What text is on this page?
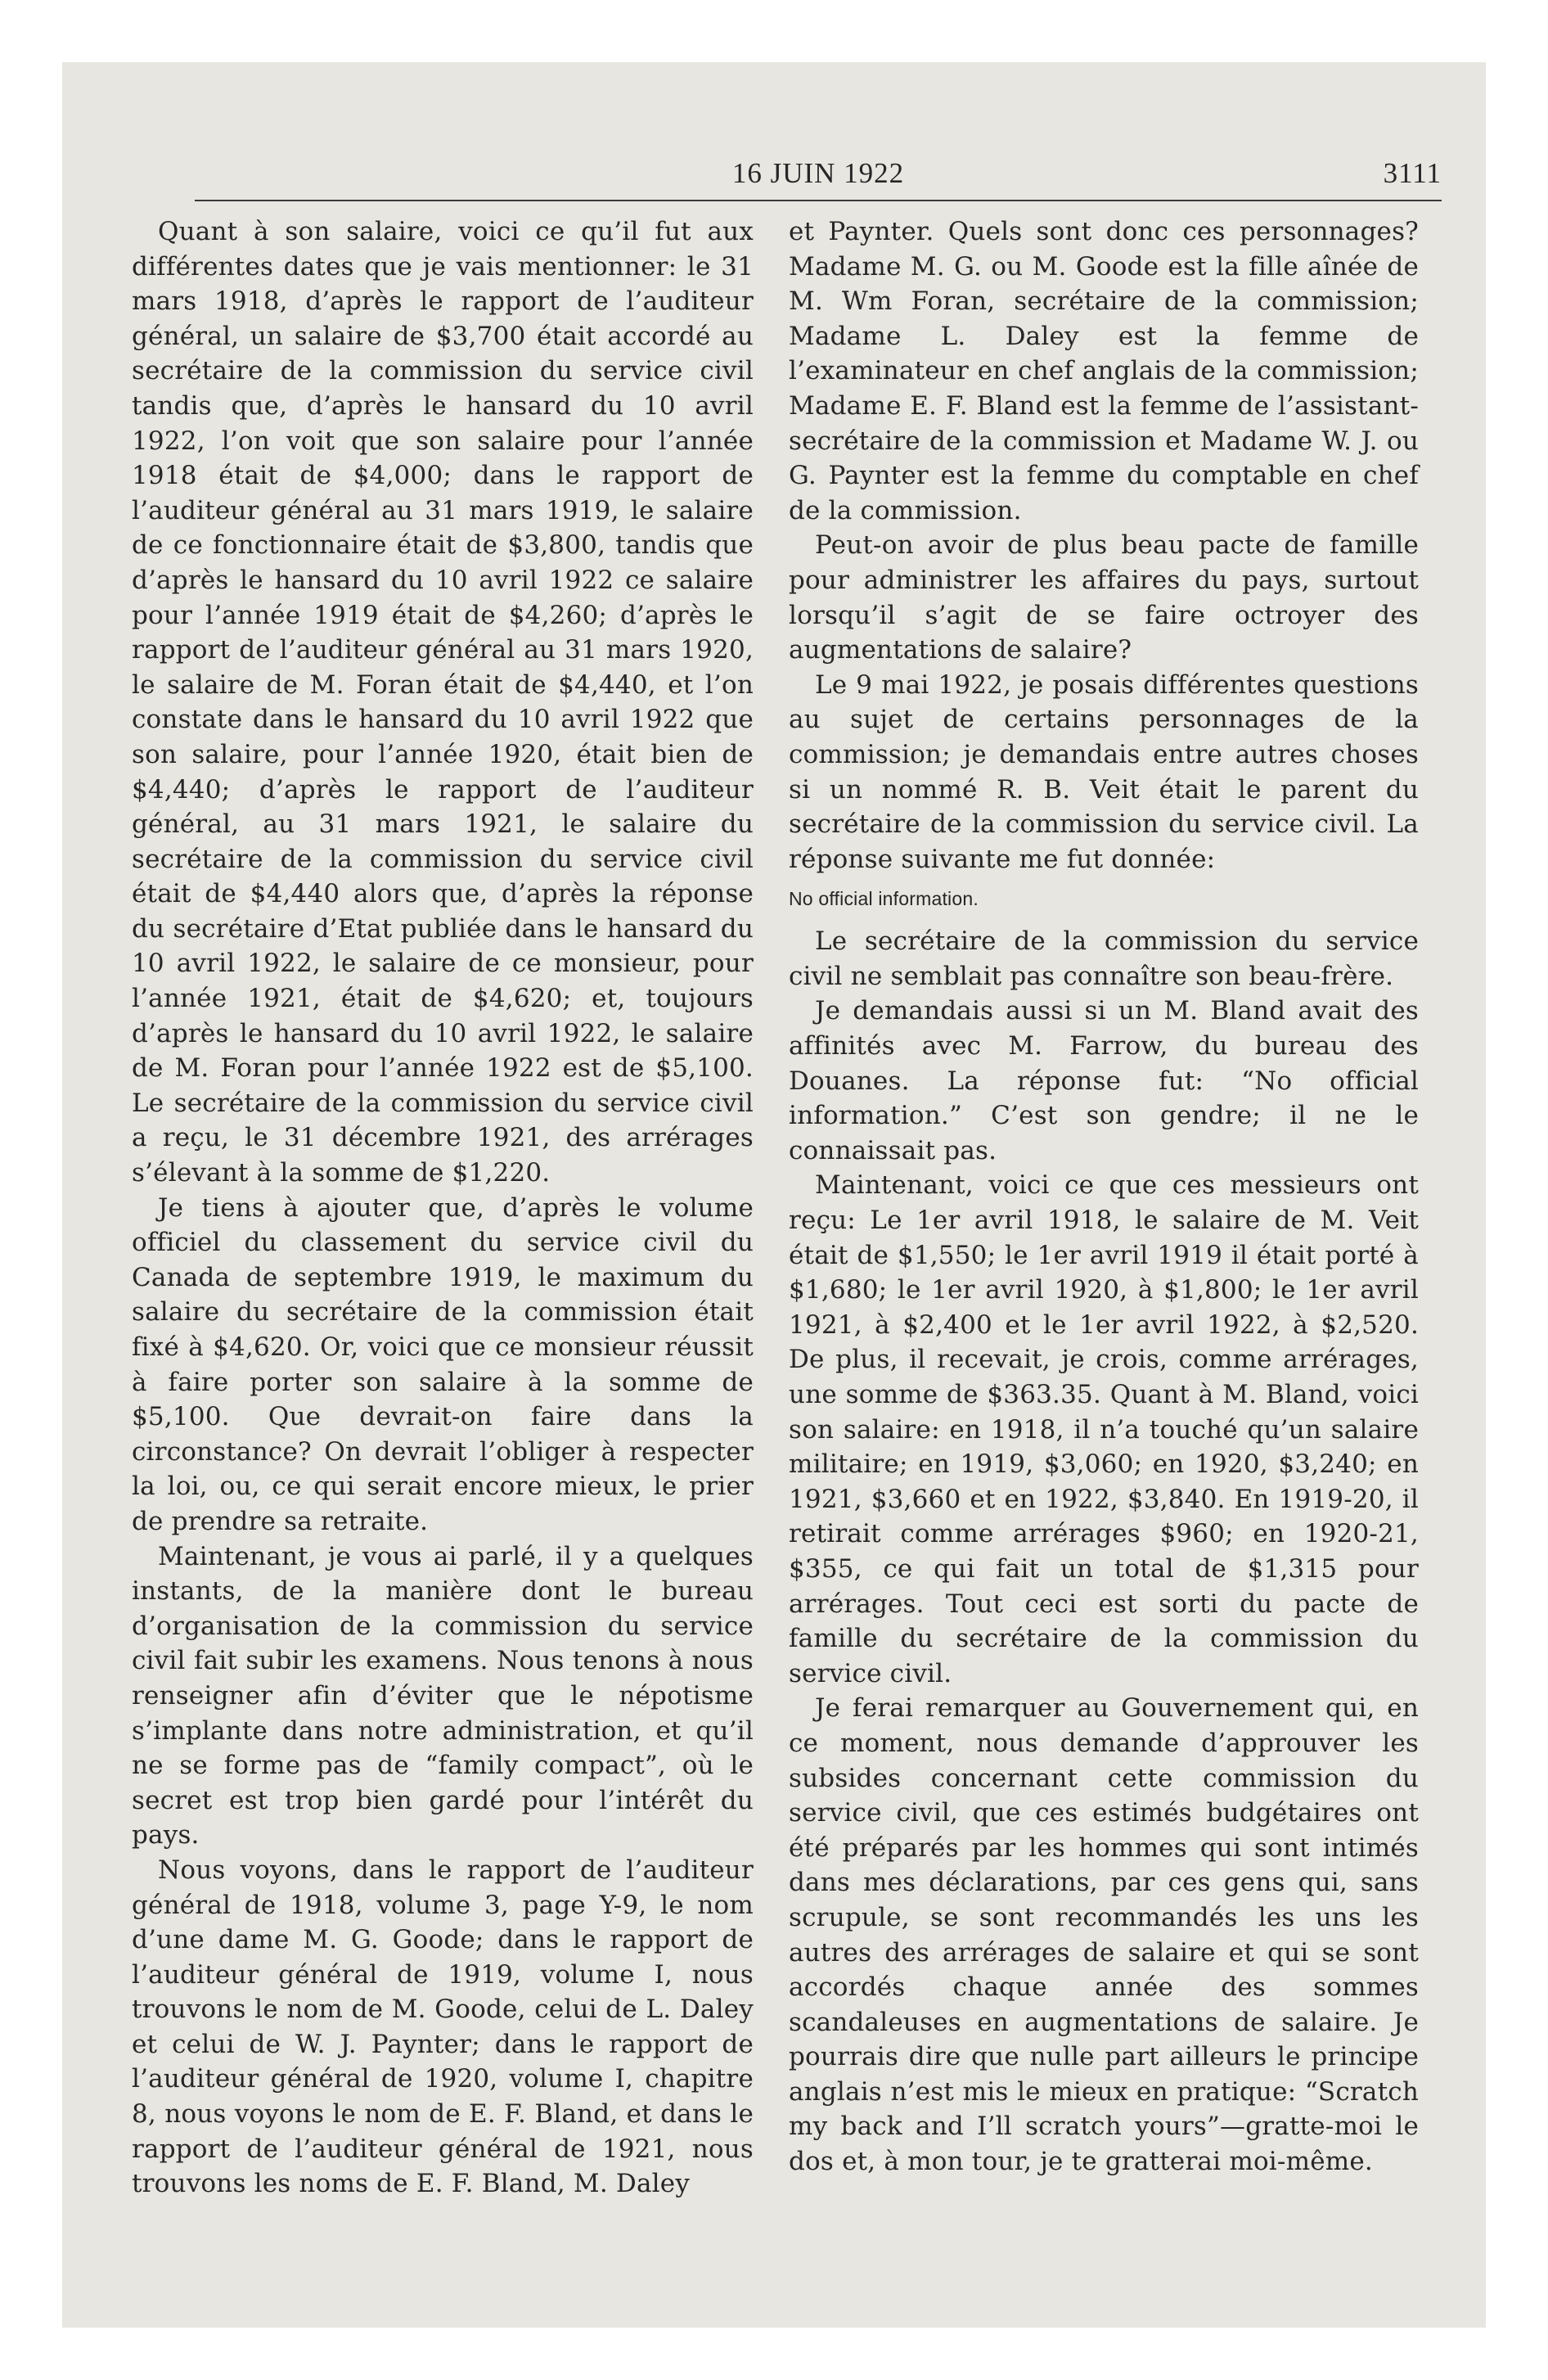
16 JUIN 1922	3111

Quant à son salaire, voici ce qu’il fut aux différentes dates que je vais mentionner: le 31 mars 1918, d’après le rapport de l’auditeur général, un salaire de $3,700 était accordé au secrétaire de la commission du service civil tandis que, d’après le hansard du 10 avril 1922, l’on voit que son salaire pour l’année 1918 était de $4,000; dans le rapport de l’auditeur général au 31 mars 1919, le salaire de ce fonctionnaire était de $3,800, tandis que d’après le hansard du 10 avril 1922 ce salaire pour l’année 1919 était de $4,260; d’après le rapport de l’auditeur général au 31 mars 1920, le salaire de M. Foran était de $4,440, et l’on constate dans le hansard du 10 avril 1922 que son salaire, pour l’année 1920, était bien de $4,440; d’après le rapport de l’auditeur général, au 31 mars 1921, le salaire du secrétaire de la commission du service civil était de $4,440 alors que, d’après la réponse du secrétaire d’Etat publiée dans le hansard du 10 avril 1922, le salaire de ce monsieur, pour l’année 1921, était de $4,620; et, toujours d’après le hansard du 10 avril 1922, le salaire de M. Foran pour l’année 1922 est de $5,100. Le secrétaire de la commission du service civil a reçu, le 31 décembre 1921, des arrérages s’élevant à la somme de $1,220.

Je tiens à ajouter que, d’après le volume officiel du classement du service civil du Canada de septembre 1919, le maximum du salaire du secrétaire de la commission était fixé à $4,620. Or, voici que ce monsieur réussit à faire porter son salaire à la somme de $5,100. Que devrait-on faire dans la circonstance? On devrait l’obliger à respecter la loi, ou, ce qui serait encore mieux, le prier de prendre sa retraite.

Maintenant, je vous ai parlé, il y a quelques instants, de la manière dont le bureau d’organisation de la commission du service civil fait subir les examens. Nous tenons à nous renseigner afin d’éviter que le népotisme s’implante dans notre administration, et qu’il ne se forme pas de “family compact”, où le secret est trop bien gardé pour l’intérêt du pays.

Nous voyons, dans le rapport de l’auditeur général de 1918, volume 3, page Y-9, le nom d’une dame M. G. Goode; dans le rapport de l’auditeur général de 1919, volume I, nous trouvons le nom de M. Goode, celui de L. Daley et celui de W. J. Paynter; dans le rapport de l’auditeur général de 1920, volume I, chapitre 8, nous voyons le nom de E. F. Bland, et dans le rapport de l’auditeur général de 1921, nous trouvons les noms de E. F. Bland, M. Daley

et Paynter. Quels sont donc ces personnages? Madame M. G. ou M. Goode est la fille aînée de M. Wm Foran, secrétaire de la commission; Madame L. Daley est la femme de l’examinateur en chef anglais de la commission; Madame E. F. Bland est la femme de l’assistant-secrétaire de la commission et Madame W. J. ou G. Paynter est la femme du comptable en chef de la commission.

Peut-on avoir de plus beau pacte de famille pour administrer les affaires du pays, surtout lorsqu’il s’agit de se faire octroyer des augmentations de salaire?

Le 9 mai 1922, je posais différentes questions au sujet de certains personnages de la commission; je demandais entre autres choses si un nommé R. B. Veit était le parent du secrétaire de la commission du service civil. La réponse suivante me fut donnée:

No official information.

Le secrétaire de la commission du service civil ne semblait pas connaître son beau-frère.

Je demandais aussi si un M. Bland avait des affinités avec M. Farrow, du bureau des Douanes. La réponse fut: “No official information.” C’est son gendre; il ne le connaissait pas.

Maintenant, voici ce que ces messieurs ont reçu: Le 1er avril 1918, le salaire de M. Veit était de $1,550; le 1er avril 1919 il était porté à $1,680; le 1er avril 1920, à $1,800; le 1er avril 1921, à $2,400 et le 1er avril 1922, à $2,520. De plus, il recevait, je crois, comme arrérages, une somme de $363.35. Quant à M. Bland, voici son salaire: en 1918, il n’a touché qu’un salaire militaire; en 1919, $3,060; en 1920, $3,240; en 1921, $3,660 et en 1922, $3,840. En 1919-20, il retirait comme arrérages $960; en 1920-21, $355, ce qui fait un total de $1,315 pour arrérages. Tout ceci est sorti du pacte de famille du secrétaire de la commission du service civil.

Je ferai remarquer au Gouvernement qui, en ce moment, nous demande d’approuver les subsides concernant cette commission du service civil, que ces estimés budgétaires ont été préparés par les hommes qui sont intimés dans mes déclarations, par ces gens qui, sans scrupule, se sont recommandés les uns les autres des arrérages de salaire et qui se sont accordés chaque année des sommes scandaleuses en augmentations de salaire. Je pourrais dire que nulle part ailleurs le principe anglais n’est mis le mieux en pratique: “Scratch my back and I’ll scratch yours”—gratte-moi le dos et, à mon tour, je te gratterai moi-même.
